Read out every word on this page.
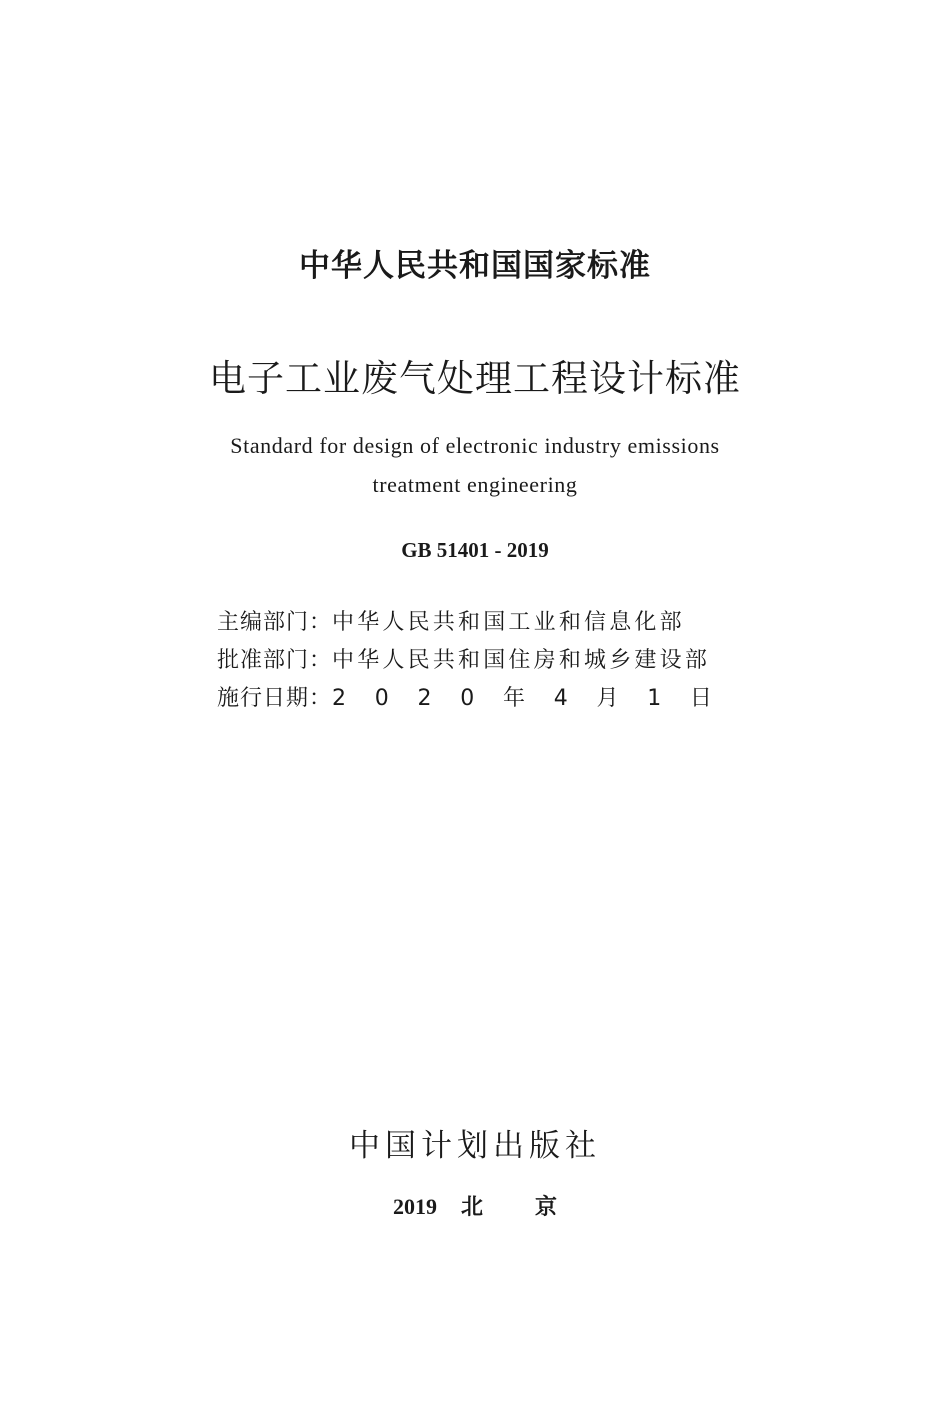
中华人民共和国国家标准
电子工业废气处理工程设计标准
Standard for design of electronic industry emissions
treatment engineering
GB 51401 - 2019
主编部门： 中华人民共和国工业和信息化部
批准部门： 中华人民共和国住房和城乡建设部
施行日期： 2 0 2 0 年 4 月 1 日
中国计划出版社
2019 北 京
